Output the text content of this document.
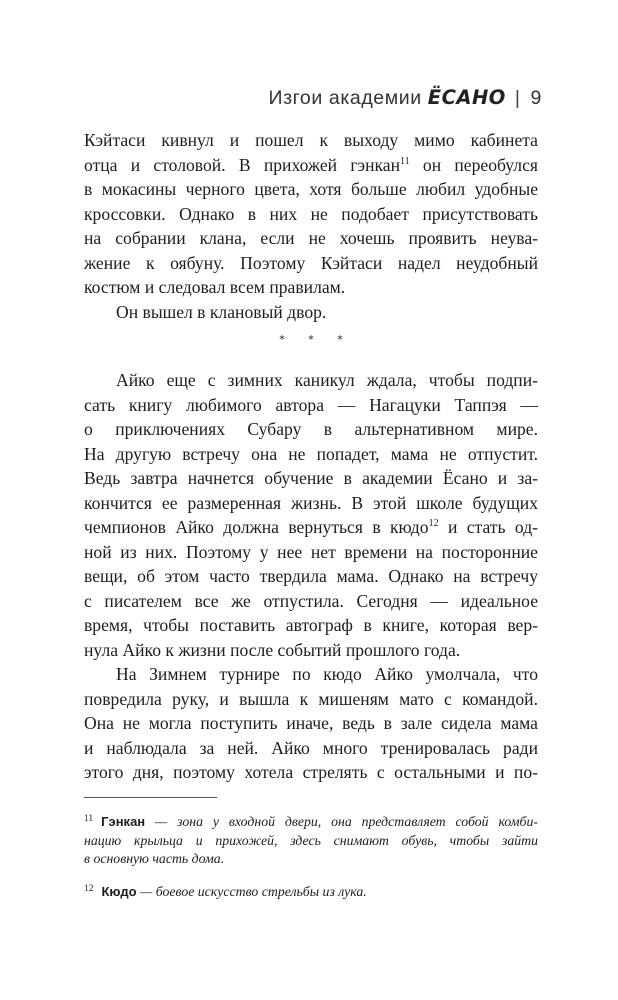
Изгои академии ЁСАНО | 9
Кэйтаси кивнул и пошел к выходу мимо кабинета
отца и столовой. В прихожей гэнкан$^{11}$ он переобулся
в мокасины черного цвета, хотя больше любил удобные
кроссовки. Однако в них не подобает присутствовать
на собрании клана, если не хочешь проявить неува-
жение к оябуну. Поэтому Кэйтаси надел неудобный
костюм и следовал всем правилам.
Он вышел в клановый двор.
* * *
Айко еще с зимних каникул ждала, чтобы подпи-
сать книгу любимого автора — Нагацуки Таппэя —
о приключениях Субару в альтернативном мире.
На другую встречу она не попадет, мама не отпустит.
Ведь завтра начнется обучение в академии Ёсано и за-
кончится ее размеренная жизнь. В этой школе будущих
чемпионов Айко должна вернуться в кюдо$^{12}$ и стать од-
ной из них. Поэтому у нее нет времени на посторонние
вещи, об этом часто твердила мама. Однако на встречу
с писателем все же отпустила. Сегодня — идеальное
время, чтобы поставить автограф в книге, которая вер-
нула Айко к жизни после событий прошлого года.
На Зимнем турнире по кюдо Айко умолчала, что
повредила руку, и вышла к мишеням мато с командой.
Она не могла поступить иначе, ведь в зале сидела мама
и наблюдала за ней. Айко много тренировалась ради
этого дня, поэтому хотела стрелять с остальными и по-
$^{11}$ Гэнкан — зона у входной двери, она представляет собой комби-
нацию крыльца и прихожей, здесь снимают обувь, чтобы зайти
в основную часть дома.
$^{12}$ Кюдо — боевое искусство стрельбы из лука.
